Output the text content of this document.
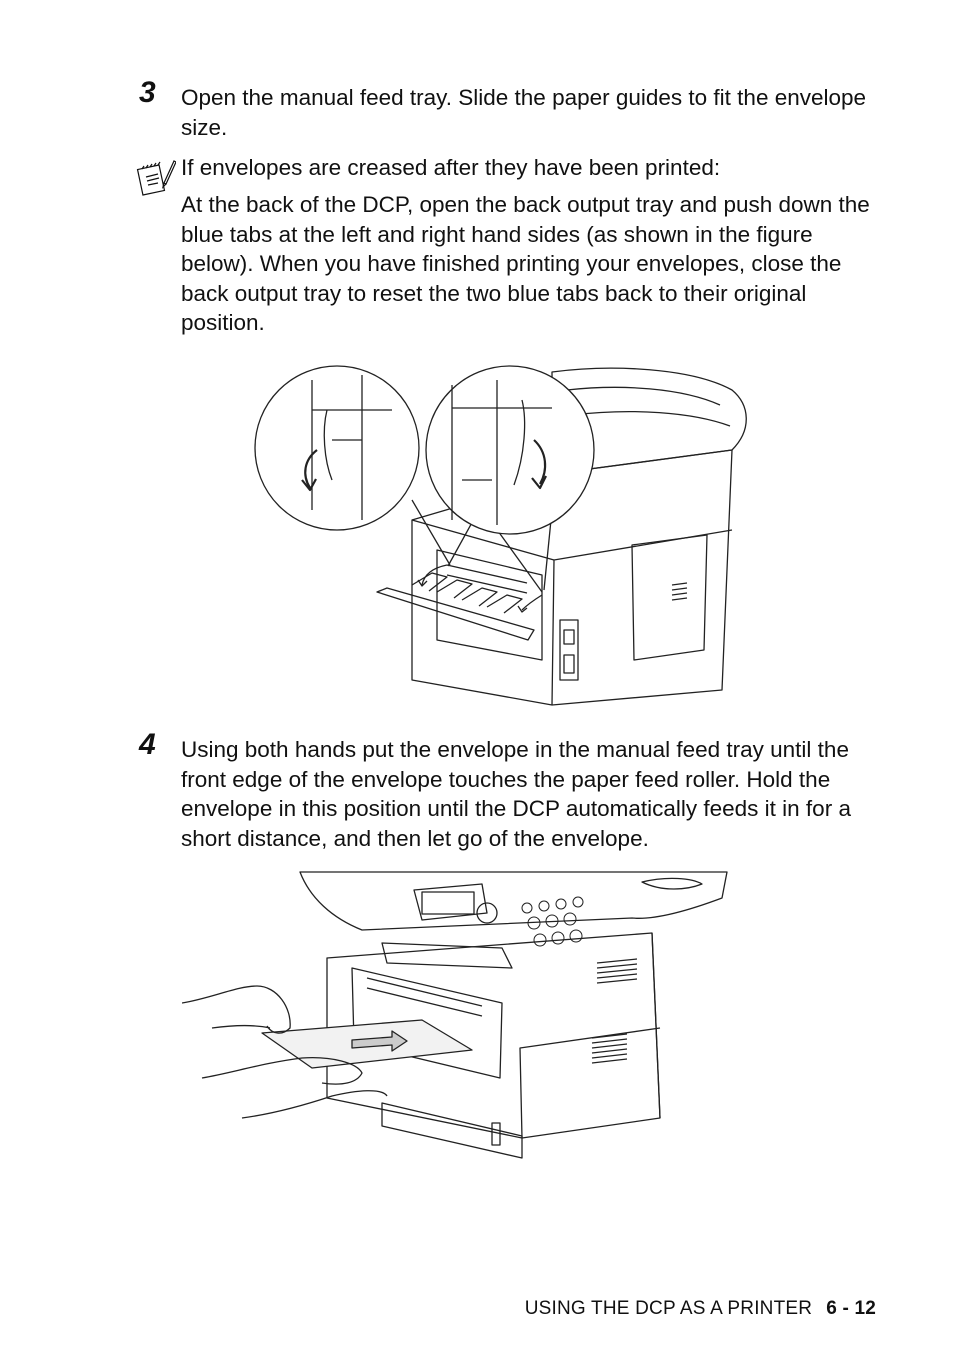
3 Open the manual feed tray. Slide the paper guides to fit the envelope size.

If envelopes are creased after they have been printed:

At the back of the DCP, open the back output tray and push down the blue tabs at the left and right hand sides (as shown in the figure below). When you have finished printing your envelopes, close the back output tray to reset the two blue tabs back to their original position.

4 Using both hands put the envelope in the manual feed tray until the front edge of the envelope touches the paper feed roller. Hold the envelope in this position until the DCP automatically feeds it in for a short distance, and then let go of the envelope.

USING THE DCP AS A PRINTER 6 - 12
